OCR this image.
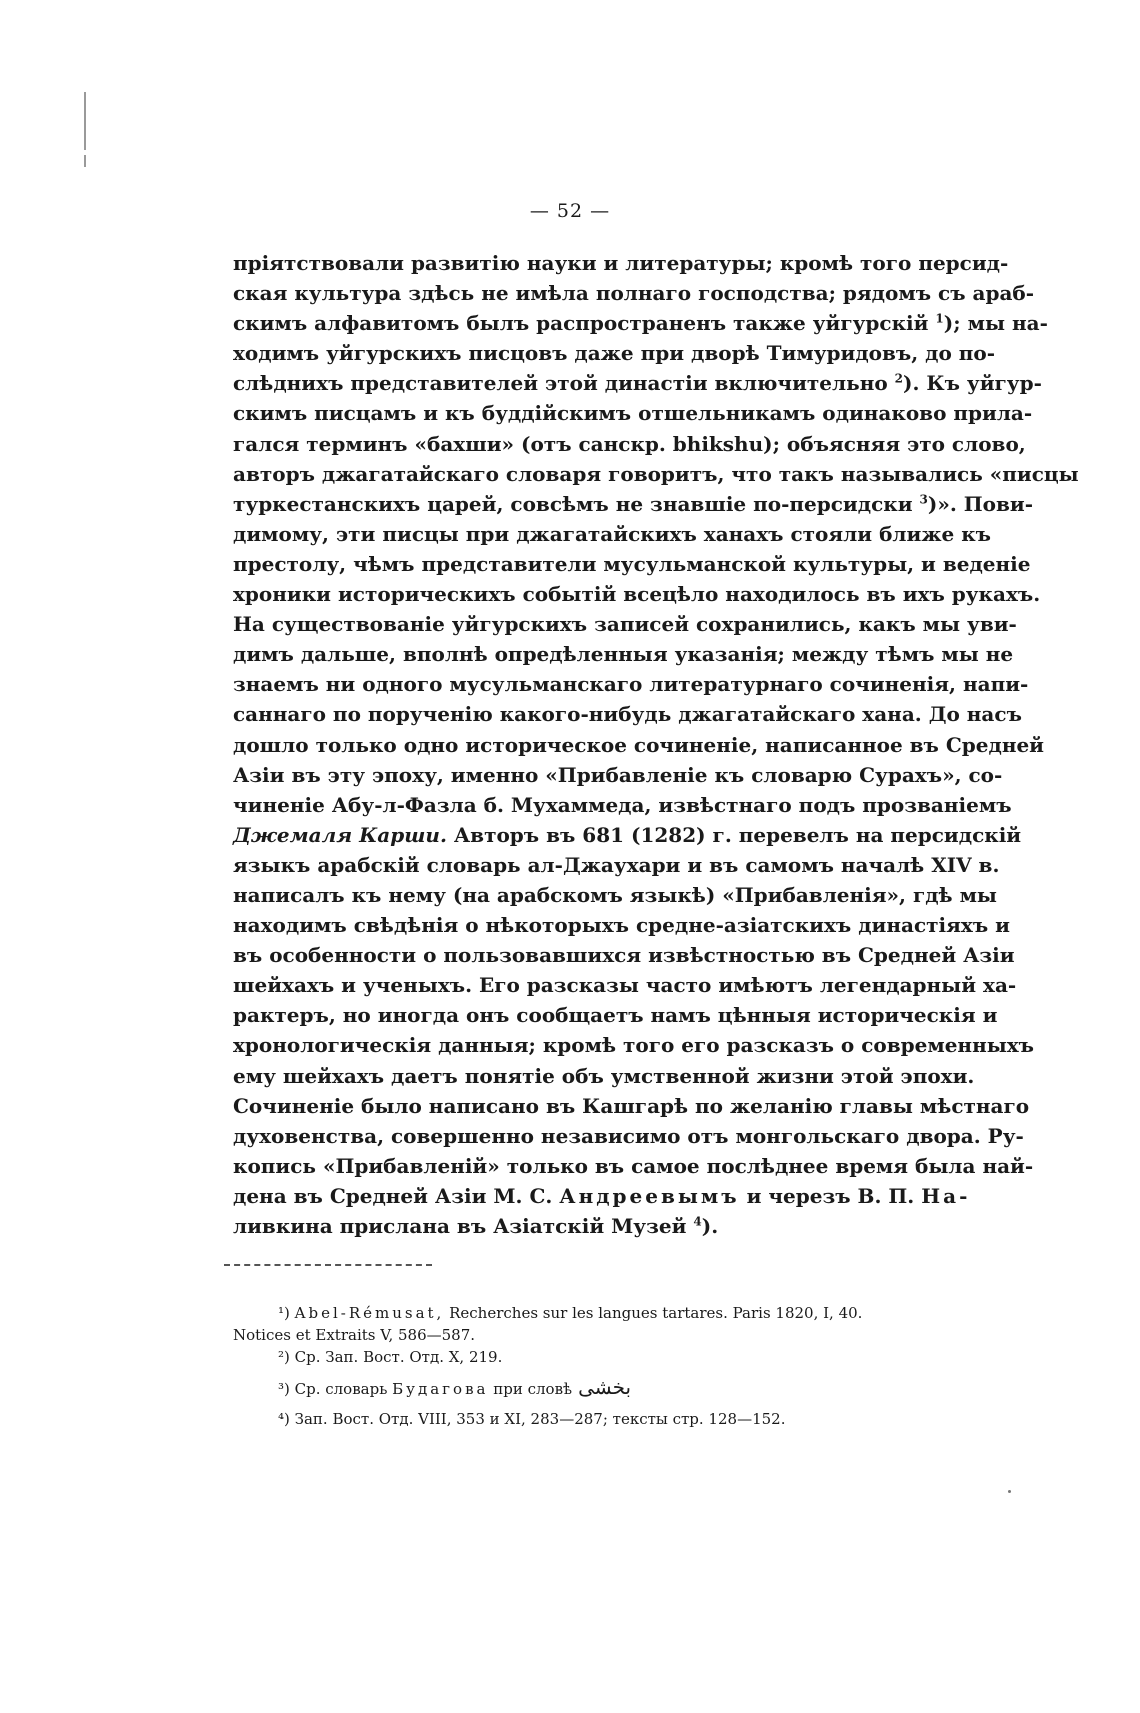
— 52 —
пріятствовали развитію науки и литературы; кромѣ того персид-
ская культура здѣсь не имѣла полнаго господства; рядомъ съ араб-
скимъ алфавитомъ былъ распространенъ также уйгурскій $^1$); мы на-
ходимъ уйгурскихъ писцовъ даже при дворѣ Тимуридовъ, до по-
слѣднихъ представителей этой династіи включительно $^2$). Къ уйгур-
скимъ писцамъ и къ буддійскимъ отшельникамъ одинаково прила-
гался терминъ «бахши» (отъ санскр. bhikshu); объясняя это слово,
авторъ джагатайскаго словаря говоритъ, что такъ назывались «писцы
туркестанскихъ царей, совсѣмъ не знавшіе по-персидски $^3$)». Пови-
димому, эти писцы при джагатайскихъ ханахъ стояли ближе къ
престолу, чѣмъ представители мусульманской культуры, и веденіе
хроники историческихъ событій всецѣло находилось въ ихъ рукахъ.
На существованіе уйгурскихъ записей сохранились, какъ мы уви-
димъ дальше, вполнѣ опредѣленныя указанія; между тѣмъ мы не
знаемъ ни одного мусульманскаго литературнаго сочиненія, напи-
саннаго по порученію какого-нибудь джагатайскаго хана. До насъ
дошло только одно историческое сочиненіе, написанное въ Средней
Азіи въ эту эпоху, именно «Прибавленіе къ словарю Сурахъ», со-
чиненіе Абу-л-Фазла б. Мухаммеда, извѣстнаго подъ прозваніемъ
Джемаля Карши. Авторъ въ 681 (1282) г. перевелъ на персидскій
языкъ арабскій словарь ал-Джаухари и въ самомъ началѣ XIV в.
написалъ къ нему (на арабскомъ языкѣ) «Прибавленія», гдѣ мы
находимъ свѣдѣнія о нѣкоторыхъ средне-азіатскихъ династіяхъ и
въ особенности о пользовавшихся извѣстностью въ Средней Азіи
шейхахъ и ученыхъ. Его разсказы часто имѣютъ легендарный ха-
рактеръ, но иногда онъ сообщаетъ намъ цѣнныя историческія и
хронологическія данныя; кромѣ того его разсказъ о современныхъ
ему шейхахъ даетъ понятіе объ умственной жизни этой эпохи.
Сочиненіе было написано въ Кашгарѣ по желанію главы мѣстнаго
духовенства, совершенно независимо отъ монгольскаго двора. Ру-
копись «Прибавленій» только въ самое послѣднее время была най-
дена въ Средней Азіи М. С. Андреевымъ и черезъ В. П. На-
ливкина прислана въ Азіатскій Музей $^4$).
¹) Abel-Rémusat, Recherches sur les langues tartares. Paris 1820, I, 40.
Notices et Extraits V, 586—587.
²) Ср. Зап. Вост. Отд. X, 219.
³) Ср. словарь Будагова при словѣ بخشى
⁴) Зап. Вост. Отд. VIII, 353 и XI, 283—287; тексты стр. 128—152.
